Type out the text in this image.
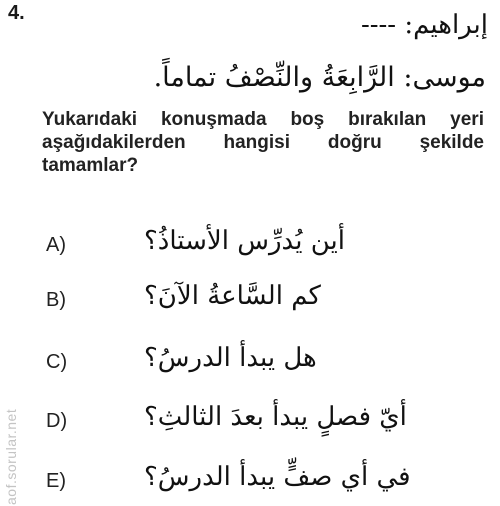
4.	إبراهيم: ----
موسى: الرَّابِعَةُ والنِّصْفُ تماماً.
Yukarıdaki konuşmada boş bırakılan yeri
aşağıdakilerden hangisi doğru şekilde
tamamlar?
A)	أين يُدرِّس الأستاذُ؟
B)	كم السَّاعةُ الآنَ؟
C)	هل يبدأ الدرسُ؟
D)	أيّ فصلٍ يبدأ بعدَ الثالثِ؟
E)	في أي صفٍّ يبدأ الدرسُ؟
aof.sorular.net
